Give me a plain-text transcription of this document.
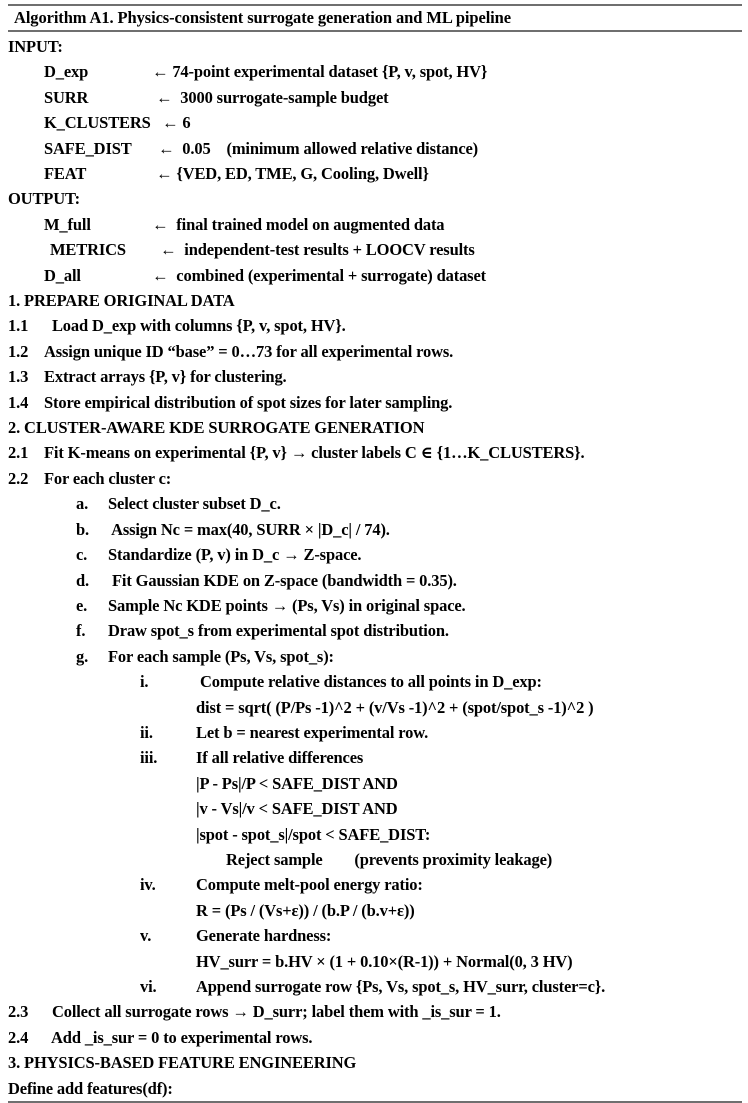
Algorithm A1. Physics-consistent surrogate generation and ML pipeline
INPUT:
D_exp	← 74-point experimental dataset {P, v, spot, HV}
SURR	←  3000 surrogate-sample budget
K_CLUSTERS ← 6
SAFE_DIST	←  0.05    (minimum allowed relative distance)
FEAT	← {VED, ED, TME, G, Cooling, Dwell}
OUTPUT:
M_full	←  final trained model on augmented data
METRICS	←  independent-test results + LOOCV results
D_all	←  combined (experimental + surrogate) dataset
1. PREPARE ORIGINAL DATA
1.1 Load D_exp with columns {P, v, spot, HV}.
1.2 Assign unique ID “base” = 0…73 for all experimental rows.
1.3 Extract arrays {P, v} for clustering.
1.4 Store empirical distribution of spot sizes for later sampling.
2. CLUSTER-AWARE KDE SURROGATE GENERATION
2.1 Fit K-means on experimental {P, v} → cluster labels C ∈ {1…K_CLUSTERS}.
2.2 For each cluster c:
a.	Select cluster subset D_c.
b.	Assign Nc = max(40, SURR × |D_c| / 74).
c.	Standardize (P, v) in D_c → Z-space.
d.	Fit Gaussian KDE on Z-space (bandwidth = 0.35).
e.	Sample Nc KDE points → (Ps, Vs) in original space.
f.	Draw spot_s from experimental spot distribution.
g.	For each sample (Ps, Vs, spot_s):
i.	Compute relative distances to all points in D_exp:
dist = sqrt( (P/Ps -1)^2 + (v/Vs -1)^2 + (spot/spot_s -1)^2 )
ii.	Let b = nearest experimental row.
iii.	If all relative differences
|P - Ps|/P < SAFE_DIST AND
|v - Vs|/v < SAFE_DIST AND
|spot - spot_s|/spot < SAFE_DIST:
Reject sample        (prevents proximity leakage)
iv.	Compute melt-pool energy ratio:
R = (Ps / (Vs+ε)) / (b.P / (b.v+ε))
v.	Generate hardness:
HV_surr = b.HV × (1 + 0.10×(R-1)) + Normal(0, 3 HV)
vi.	Append surrogate row {Ps, Vs, spot_s, HV_surr, cluster=c}.
2.3 Collect all surrogate rows → D_surr; label them with _is_sur = 1.
2.4 Add _is_sur = 0 to experimental rows.
3. PHYSICS-BASED FEATURE ENGINEERING
Define add features(df):
